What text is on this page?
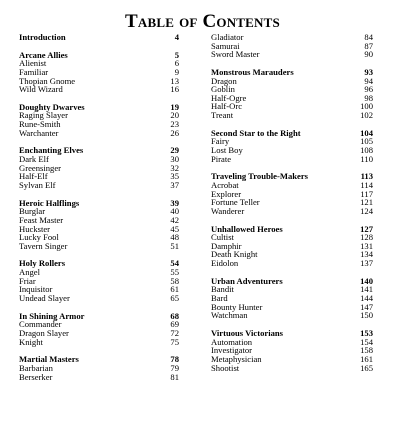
Table of Contents
Introduction	4
Arcane Allies	5
Alienist	6
Familiar	9
Thopian Gnome	13
Wild Wizard	16
Doughty Dwarves	19
Raging Slayer	20
Rune-Smith	23
Warchanter	26
Enchanting Elves	29
Dark Elf	30
Greensinger	32
Half-Elf	35
Sylvan Elf	37
Heroic Halflings	39
Burglar	40
Feast Master	42
Huckster	45
Lucky Fool	48
Tavern Singer	51
Holy Rollers	54
Angel	55
Friar	58
Inquisitor	61
Undead Slayer	65
In Shining Armor	68
Commander	69
Dragon Slayer	72
Knight	75
Martial Masters	78
Barbarian	79
Berserker	81
Gladiator	84
Samurai	87
Sword Master	90
Monstrous Marauders	93
Dragon	94
Goblin	96
Half-Ogre	98
Half-Orc	100
Treant	102
Second Star to the Right	104
Fairy	105
Lost Boy	108
Pirate	110
Traveling Trouble-Makers	113
Acrobat	114
Explorer	117
Fortune Teller	121
Wanderer	124
Unhallowed Heroes	127
Cultist	128
Damphir	131
Death Knight	134
Eidolon	137
Urban Adventurers	140
Bandit	141
Bard	144
Bounty Hunter	147
Watchman	150
Virtuous Victorians	153
Automation	154
Investigator	158
Metaphysician	161
Shootist	165
